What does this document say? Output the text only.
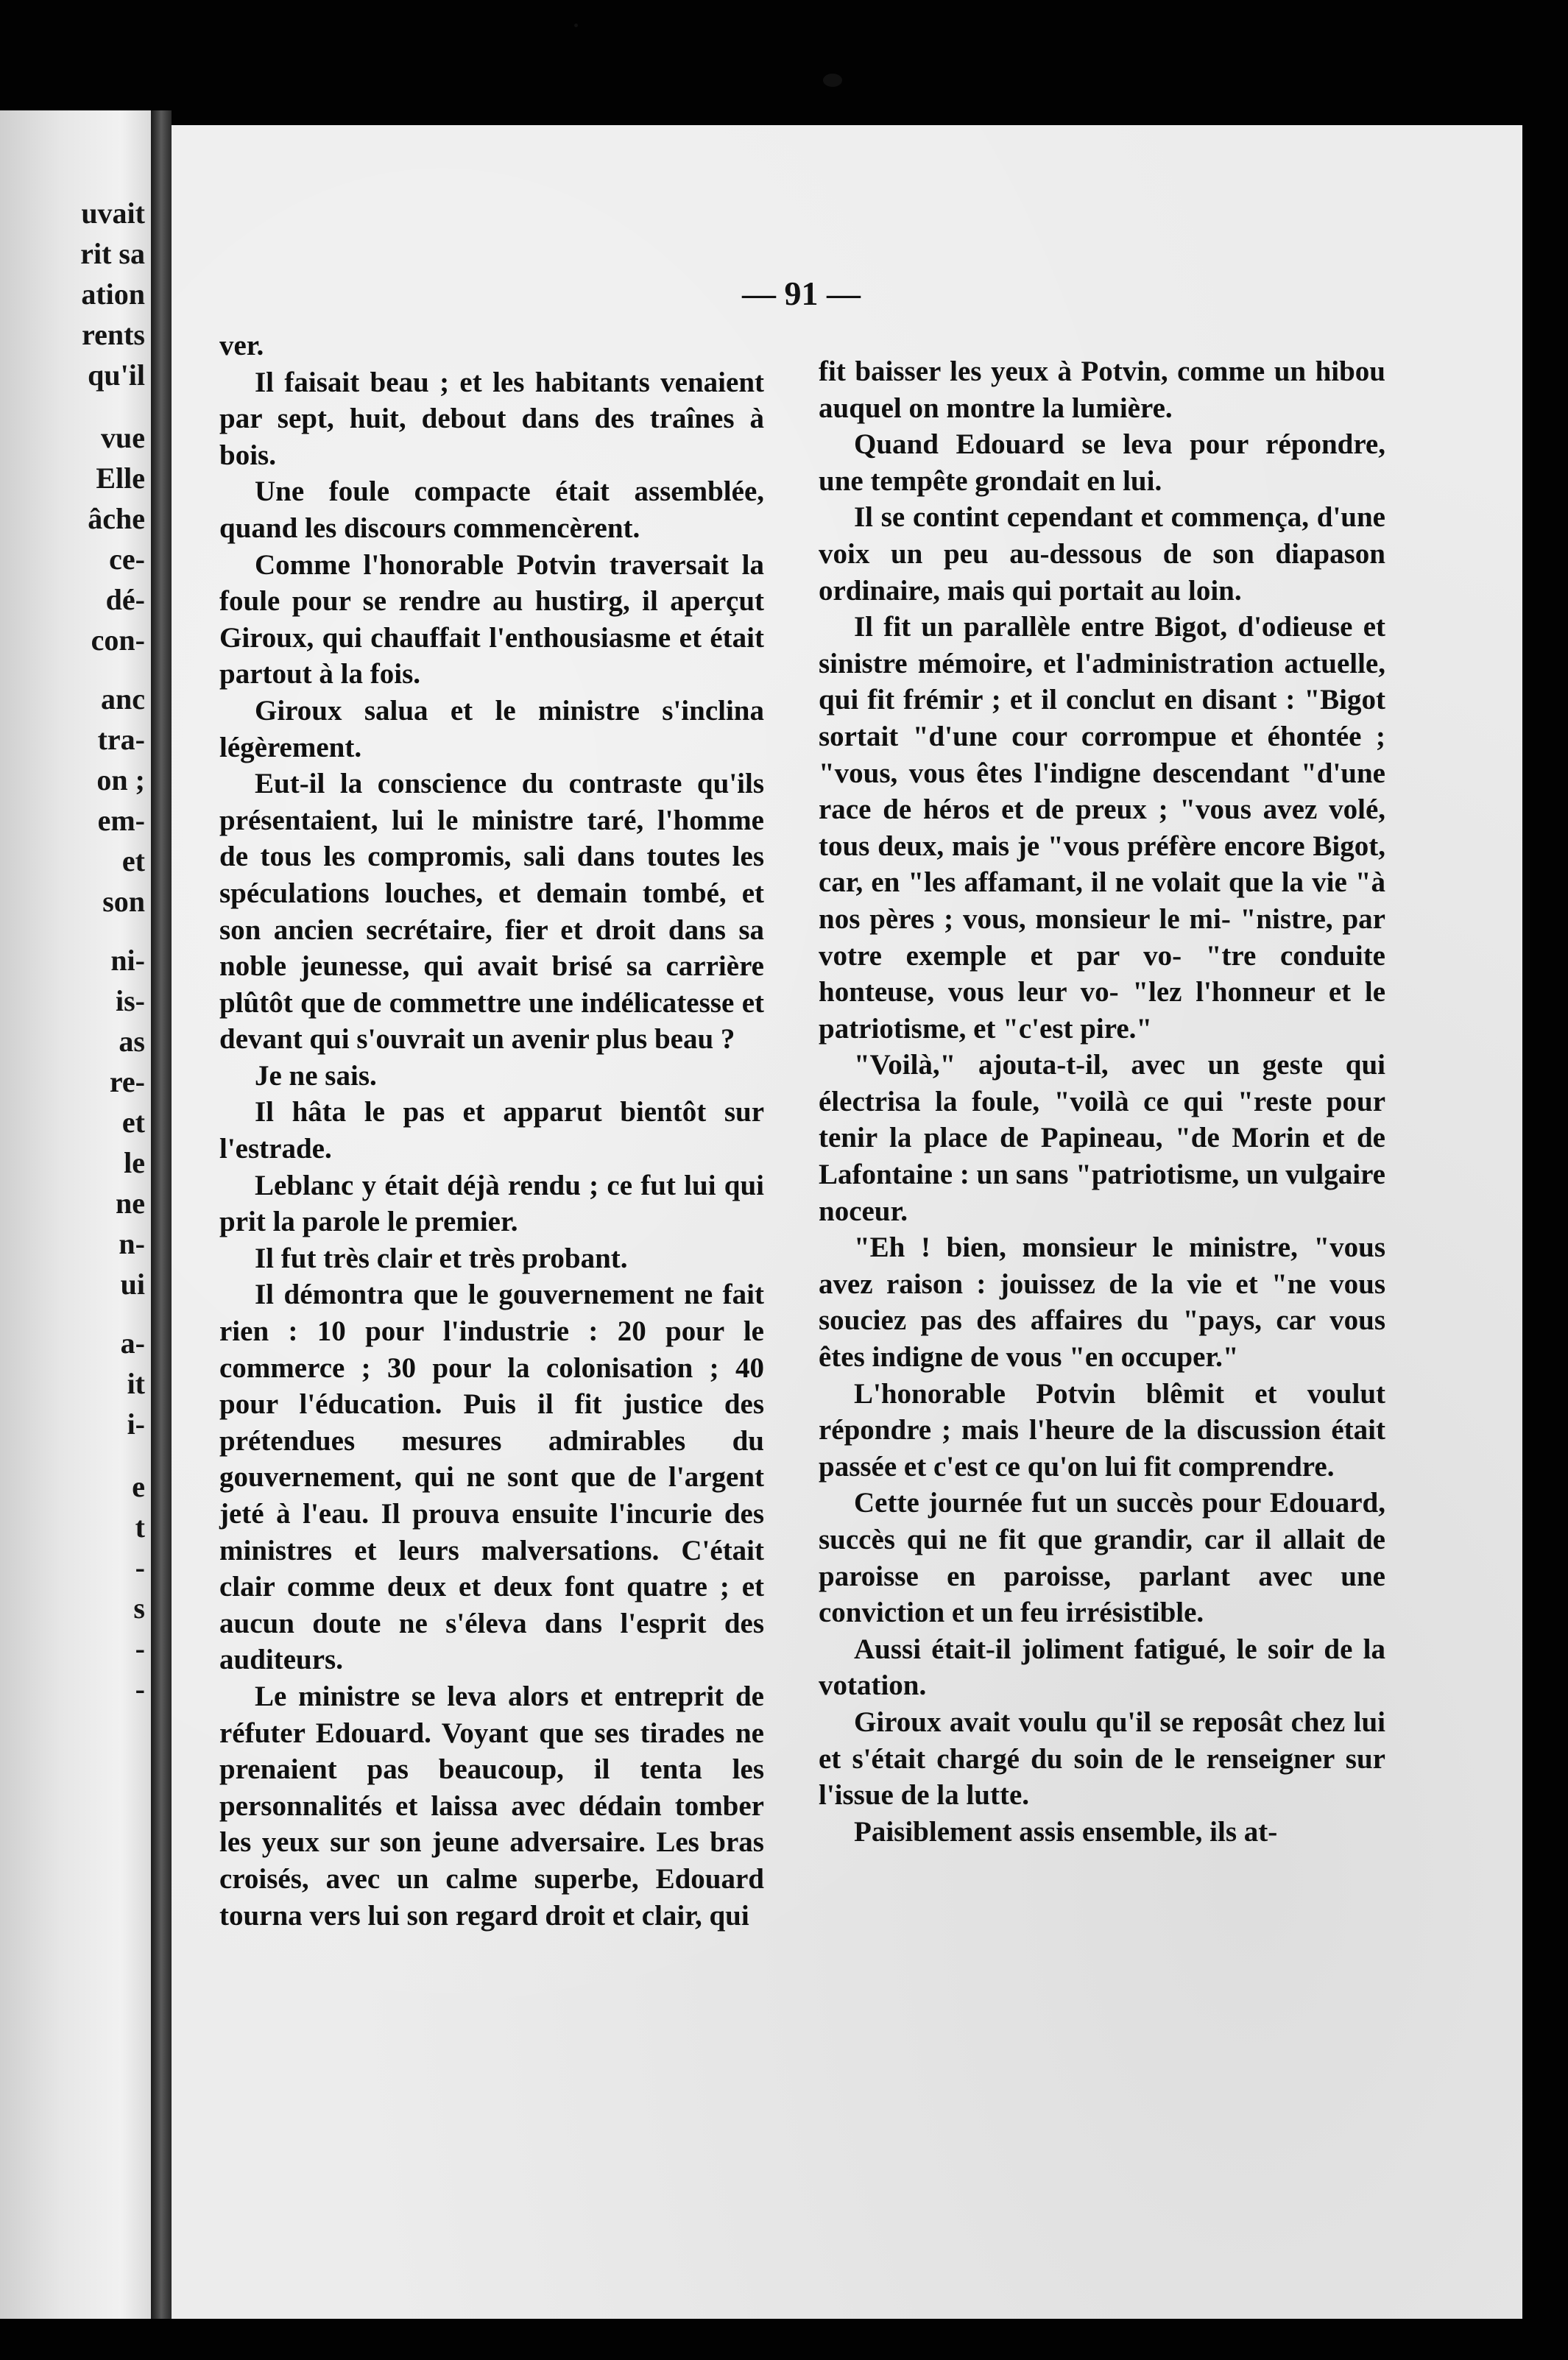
uvait
rit sa
ation
rents
qu'il
vue
Elle
âche
ce-
dé-
con-
anc
tra-
on ;
em-
et
son
ni-
is-
as
re-
et
le
ne
n-
ui
a-
it
i-
e
t
-
s
-
-
— 91 —

ver.

Il faisait beau ; et les habitants venaient par sept, huit, debout dans des traînes à bois.

Une foule compacte était assemblée, quand les discours commencèrent.

Comme l'honorable Potvin traversait la foule pour se rendre au hustirg, il aperçut Giroux, qui chauffait l'enthousiasme et était partout à la fois.

Giroux salua et le ministre s'inclina légèrement.

Eut-il la conscience du contraste qu'ils présentaient, lui le ministre taré, l'homme de tous les compromis, sali dans toutes les spéculations louches, et demain tombé, et son ancien secrétaire, fier et droit dans sa noble jeunesse, qui avait brisé sa carrière plûtôt que de commettre une indélicatesse et devant qui s'ouvrait un avenir plus beau ?

Je ne sais.

Il hâta le pas et apparut bientôt sur l'estrade.

Leblanc y était déjà rendu ; ce fut lui qui prit la parole le premier.

Il fut très clair et très probant.

Il démontra que le gouvernement ne fait rien : 10 pour l'industrie : 20 pour le commerce ; 30 pour la colonisation ; 40 pour l'éducation. Puis il fit justice des prétendues mesures admirables du gouvernement, qui ne sont que de l'argent jeté à l'eau. Il prouva ensuite l'incurie des ministres et leurs malversations. C'était clair comme deux et deux font quatre ; et aucun doute ne s'éleva dans l'esprit des auditeurs.

Le ministre se leva alors et entreprit de réfuter Edouard. Voyant que ses tirades ne prenaient pas beaucoup, il tenta les personnalités et laissa avec dédain tomber les yeux sur son jeune adversaire. Les bras croisés, avec un calme superbe, Edouard tourna vers lui son regard droit et clair, qui

fit baisser les yeux à Potvin, comme un hibou auquel on montre la lumière.

Quand Edouard se leva pour répondre, une tempête grondait en lui.

Il se contint cependant et commença, d'une voix un peu au-dessous de son diapason ordinaire, mais qui portait au loin.

Il fit un parallèle entre Bigot, d'odieuse et sinistre mémoire, et l'administration actuelle, qui fit frémir ; et il conclut en disant : "Bigot sortait "d'une cour corrompue et éhontée ; "vous, vous êtes l'indigne descendant "d'une race de héros et de preux ; "vous avez volé, tous deux, mais je "vous préfère encore Bigot, car, en "les affamant, il ne volait que la vie "à nos pères ; vous, monsieur le mi- "nistre, par votre exemple et par vo- "tre conduite honteuse, vous leur vo- "lez l'honneur et le patriotisme, et "c'est pire."

"Voilà," ajouta-t-il, avec un geste qui électrisa la foule, "voilà ce qui "reste pour tenir la place de Papineau, "de Morin et de Lafontaine : un sans "patriotisme, un vulgaire noceur.

"Eh ! bien, monsieur le ministre, "vous avez raison : jouissez de la vie et "ne vous souciez pas des affaires du "pays, car vous êtes indigne de vous "en occuper."

L'honorable Potvin blêmit et voulut répondre ; mais l'heure de la discussion était passée et c'est ce qu'on lui fit comprendre.

Cette journée fut un succès pour Edouard, succès qui ne fit que grandir, car il allait de paroisse en paroisse, parlant avec une conviction et un feu irrésistible.

Aussi était-il joliment fatigué, le soir de la votation.

Giroux avait voulu qu'il se reposât chez lui et s'était chargé du soin de le renseigner sur l'issue de la lutte.

Paisiblement assis ensemble, ils at-
